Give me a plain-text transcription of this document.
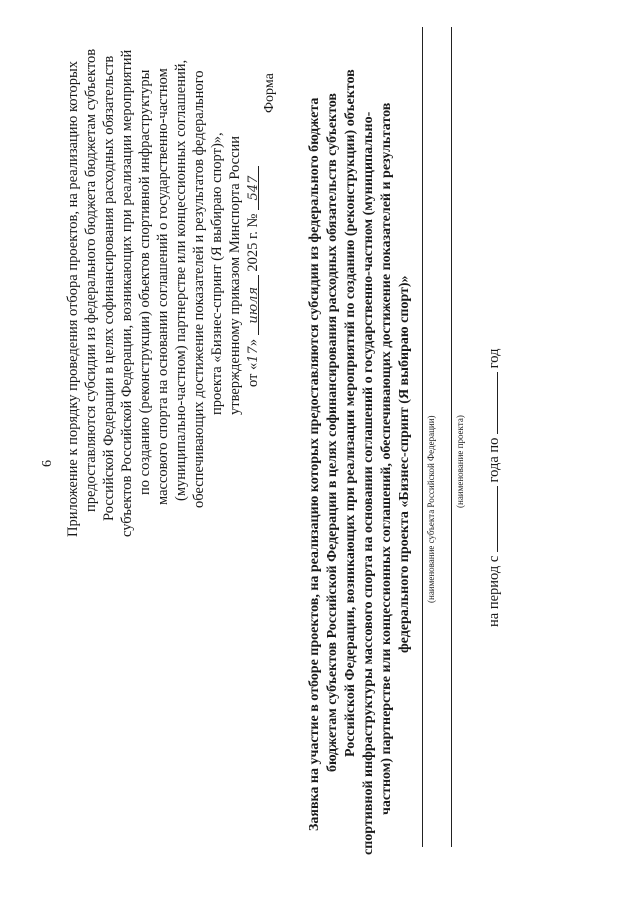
6 Приложение к порядку проведения отбора проектов, на реализацию которых предоставляются субсидии из федерального бюджета бюджетам субъектов Российской Федерации в целях софинансирования расходных обязательств субъектов Российской Федерации, возникающих при реализации мероприятий по созданию (реконструкции) объектов спортивной инфраструктуры массового спорта на основании соглашений о государственно-частном (муниципально-частном) партнерстве или концессионных соглашений, обеспечивающих достижение показателей и результатов федерального проекта «Бизнес-спринт (Я выбираю спорт)», утвержденному приказом Минспорта России от «17» июля 2025 г. № 547
Форма
Заявка на участие в отборе проектов, на реализацию которых предоставляются субсидии из федерального бюджета бюджетам субъектов Российской Федерации в целях софинансирования расходных обязательств субъектов Российской Федерации, возникающих при реализации мероприятий по созданию (реконструкции) объектов спортивной инфраструктуры массового спорта на основании соглашений о государственно-частном (муниципально- частном) партнерстве или концессионных соглашений, обеспечивающих достижение показателей и результатов федерального проекта «Бизнес-спринт (Я выбираю спорт)» (наименование субъекта Российской Федерации) (наименование проекта)
на период с  года по  год
